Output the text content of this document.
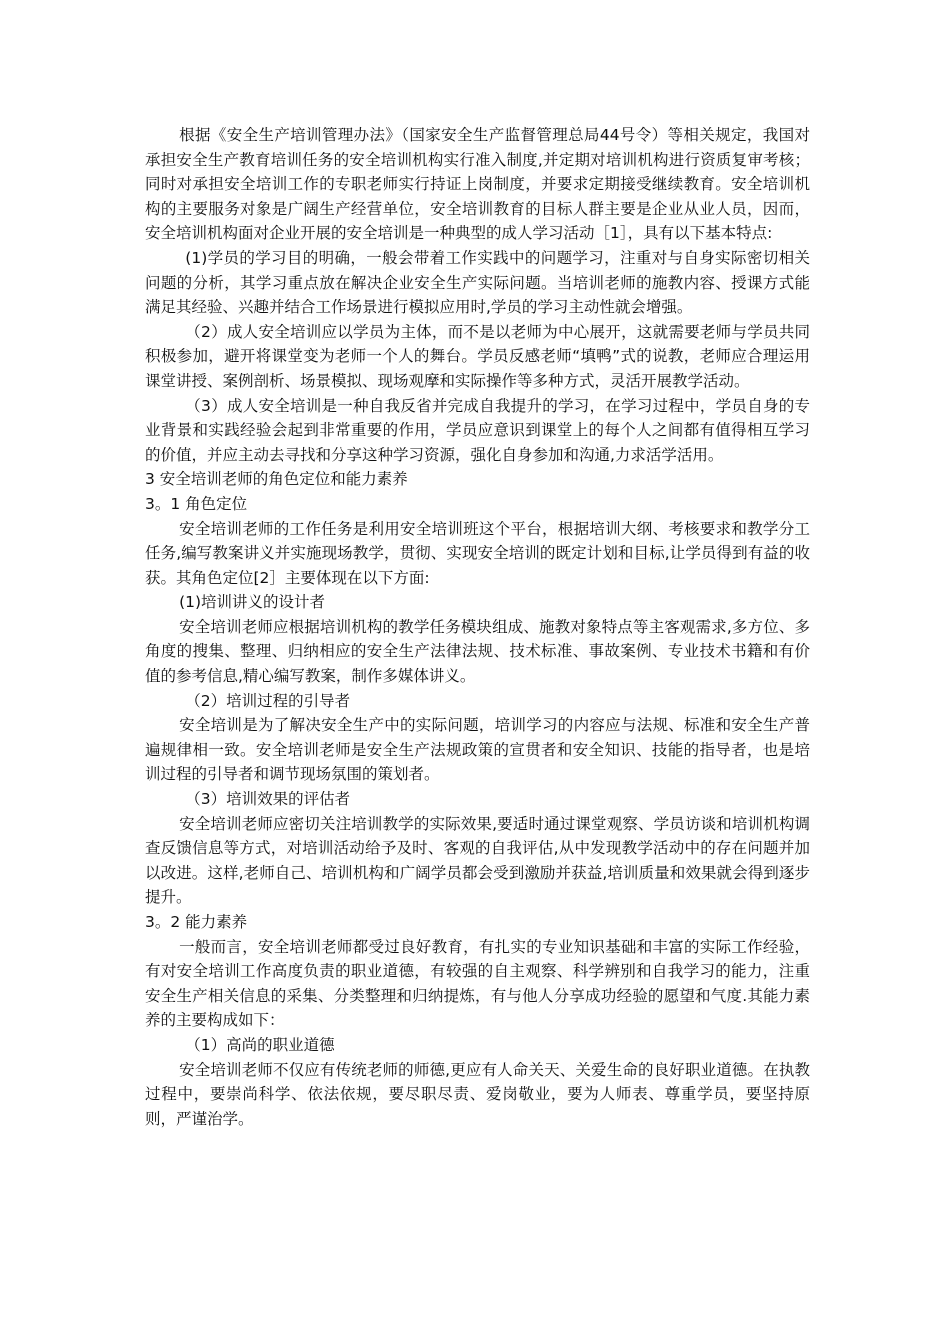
根据《安全生产培训管理办法》（国家安全生产监督管理总局44号令）等相关规定，我国对承担安全生产教育培训任务的安全培训机构实行准入制度,并定期对培训机构进行资质复审考核；同时对承担安全培训工作的专职老师实行持证上岗制度，并要求定期接受继续教育。安全培训机构的主要服务对象是广阔生产经营单位，安全培训教育的目标人群主要是企业从业人员，因而，安全培训机构面对企业开展的安全培训是一种典型的成人学习活动［1］，具有以下基本特点:

(1)学员的学习目的明确，一般会带着工作实践中的问题学习，注重对与自身实际密切相关问题的分析，其学习重点放在解决企业安全生产实际问题。当培训老师的施教内容、授课方式能满足其经验、兴趣并结合工作场景进行模拟应用时,学员的学习主动性就会增强。

（2）成人安全培训应以学员为主体，而不是以老师为中心展开，这就需要老师与学员共同积极参加，避开将课堂变为老师一个人的舞台。学员反感老师“填鸭”式的说教，老师应合理运用课堂讲授、案例剖析、场景模拟、现场观摩和实际操作等多种方式，灵活开展教学活动。

（3）成人安全培训是一种自我反省并完成自我提升的学习，在学习过程中，学员自身的专业背景和实践经验会起到非常重要的作用，学员应意识到课堂上的每个人之间都有值得相互学习的价值，并应主动去寻找和分享这种学习资源，强化自身参加和沟通,力求活学活用。

3 安全培训老师的角色定位和能力素养

3。1 角色定位

安全培训老师的工作任务是利用安全培训班这个平台，根据培训大纲、考核要求和教学分工任务,编写教案讲义并实施现场教学，贯彻、实现安全培训的既定计划和目标,让学员得到有益的收获。其角色定位[2］主要体现在以下方面:

(1)培训讲义的设计者

安全培训老师应根据培训机构的教学任务模块组成、施教对象特点等主客观需求,多方位、多角度的搜集、整理、归纳相应的安全生产法律法规、技术标准、事故案例、专业技术书籍和有价值的参考信息,精心编写教案，制作多媒体讲义。

（2）培训过程的引导者

安全培训是为了解决安全生产中的实际问题，培训学习的内容应与法规、标准和安全生产普遍规律相一致。安全培训老师是安全生产法规政策的宣贯者和安全知识、技能的指导者，也是培训过程的引导者和调节现场氛围的策划者。

（3）培训效果的评估者

安全培训老师应密切关注培训教学的实际效果,要适时通过课堂观察、学员访谈和培训机构调查反馈信息等方式，对培训活动给予及时、客观的自我评估,从中发现教学活动中的存在问题并加以改进。这样,老师自己、培训机构和广阔学员都会受到激励并获益,培训质量和效果就会得到逐步提升。

3。2 能力素养

一般而言，安全培训老师都受过良好教育，有扎实的专业知识基础和丰富的实际工作经验，有对安全培训工作高度负责的职业道德，有较强的自主观察、科学辨别和自我学习的能力，注重安全生产相关信息的采集、分类整理和归纳提炼，有与他人分享成功经验的愿望和气度.其能力素养的主要构成如下：

（1）高尚的职业道德

安全培训老师不仅应有传统老师的师德,更应有人命关天、关爱生命的良好职业道德。在执教过程中，要崇尚科学、依法依规，要尽职尽责、爱岗敬业，要为人师表、尊重学员，要坚持原则，严谨治学。
